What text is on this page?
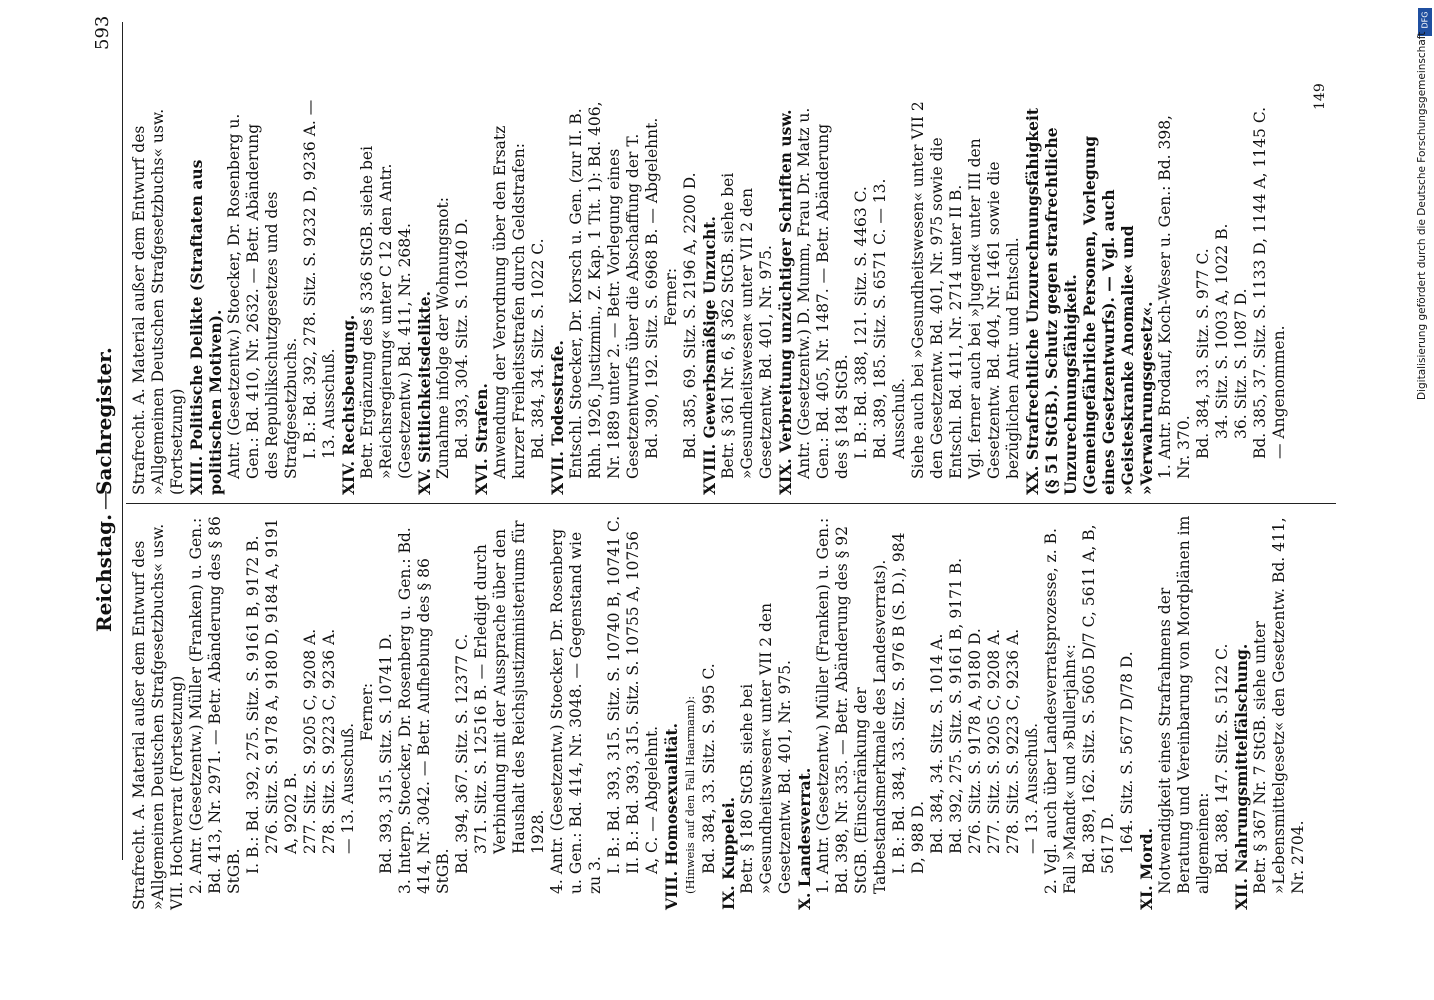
Reichstag.
—
Sachregister.
593

Strafrecht. A. Material außer dem Entwurf des »Allgemeinen Deutschen Strafgesetzbuchs« usw. VII. Hochverrat (Fortsetzung) 2. Antr. (Gesetzentw.) Müller (Franken) u. Gen.: Bd. 413, Nr. 2971. — Betr. Abänderung des § 86 StGB. I. B.: Bd. 392, 275. Sitz. S. 9161 B, 9172 B. 276. Sitz. S. 9178 A, 9180 D, 9184 A, 9191 A, 9202 B. 277. Sitz. S. 9205 C, 9208 A. 278. Sitz. S. 9223 C, 9236 A. — 13. Ausschuß.

Ferner: Bd. 393, 315. Sitz. S. 10741 D. 3. Interp. Stoecker, Dr. Rosenberg u. Gen.: Bd. 414, Nr. 3042. — Betr. Aufhebung des § 86 StGB. Bd. 394, 367. Sitz. S. 12377 C. 371. Sitz. S. 12516 B. — Erledigt durch Verbindung mit der Aussprache über den Haushalt des Reichsjustizministeriums für 1928. 4. Antr. (Gesetzentw.) Stoecker, Dr. Rosenberg u. Gen.: Bd. 414, Nr. 3048. — Gegenstand wie zu 3.

I. B.: Bd. 393, 315. Sitz. S. 10740 B, 10741 C. II. B.: Bd. 393, 315. Sitz. S. 10755 A, 10756 A, C. — Abgelehnt. VIII. Homosexualität. (Hinweis auf den Fall Haarmann): Bd. 384, 33. Sitz. S. 995 C. IX. Kuppelei. Betr. § 180 StGB. siehe bei »Gesundheitswesen« unter VII 2 den Gesetzentw. Bd. 401, Nr. 975. X. Landesverrat. 1. Antr. (Gesetzentw.) Müller (Franken) u. Gen.: Bd. 398, Nr. 335. — Betr. Abänderung des § 92 StGB. (Einschränkung der Tatbestandsmerkmale des Landesverrats). I. B.: Bd. 384, 33. Sitz. S. 976 B (S. D.), 984 D, 988 D. Bd. 384, 34. Sitz. S. 1014 A. Bd. 392, 275. Sitz. S. 9161 B, 9171 B. 276. Sitz. S. 9178 A, 9180 D. 277. Sitz. S. 9205 C, 9208 A. 278. Sitz. S. 9223 C, 9236 A. — 13. Ausschuß. 2. Vgl. auch über Landesverratsprozesse, z. B. Fall »Mandt« und »Bullerjahn«: Bd. 389, 162. Sitz. S. 5605 D/7 C, 5611 A, B, 5617 D. 164. Sitz. S. 5677 D/78 D.

XI. Mord. Notwendigkeit eines Strafrahmens der Beratung und Vereinbarung von Mordplänen im allgemeinen: Bd. 388, 147. Sitz. S. 5122 C. XII. Nahrungsmittelfälschung. Betr. § 367 Nr. 7 StGB. siehe unter »Lebensmittelgesetz« den Gesetzentw. Bd. 411, Nr. 2704.

Strafrecht. A. Material außer dem Entwurf des »Allgemeinen Deutschen Strafgesetzbuchs« usw. (Fortsetzung) XIII. Politische Delikte (Straftaten aus politischen Motiven). Antr. (Gesetzentw.) Stoecker, Dr. Rosenberg u. Gen.: Bd. 410, Nr. 2632. — Betr. Abänderung des Republikschutzgesetzes und des Strafgesetzbuchs. I. B.: Bd. 392, 278. Sitz. S. 9232 D, 9236 A. — 13. Ausschuß. XIV. Rechtsbeugung. Betr. Ergänzung des § 336 StGB. siehe bei »Reichsregierung« unter C 12 den Antr. (Gesetzentw.) Bd. 411, Nr. 2684. XV. Sittlichkeitsdelikte. Zunahme infolge der Wohnungsnot: Bd. 393, 304. Sitz. S. 10340 D. XVI. Strafen. Anwendung der Verordnung über den Ersatz kurzer Freiheitsstrafen durch Geldstrafen: Bd. 384, 34. Sitz. S. 1022 C. XVII. Todesstrafe. Entschl. Stoecker, Dr. Korsch u. Gen. (zur II. B. Rhh. 1926, Justizmin., Z. Kap. 1 Tit. 1): Bd. 406, Nr. 1889 unter 2. — Betr. Vorlegung eines Gesetzentwurfs über die Abschaffung der T. Bd. 390, 192. Sitz. S. 6968 B. — Abgelehnt. Ferner: Bd. 385, 69. Sitz. S. 2196 A, 2200 D. XVIII. Gewerbsmäßige Unzucht. Betr. § 361 Nr. 6, § 362 StGB. siehe bei »Gesundheitswesen« unter VII 2 den Gesetzentw. Bd. 401, Nr. 975. XIX. Verbreitung unzüchtiger Schriften usw. Antr. (Gesetzentw.) D. Mumm, Frau Dr. Matz u. Gen.: Bd. 405, Nr. 1487. — Betr. Abänderung des § 184 StGB. I. B.: Bd. 388, 121. Sitz. S. 4463 C. Bd. 389, 185. Sitz. S. 6571 C. — 13. Ausschuß. Siehe auch bei »Gesundheitswesen« unter VII 2 den Gesetzentw. Bd. 401, Nr. 975 sowie die Entschl. Bd. 411, Nr. 2714 unter II B. Vgl. ferner auch bei »Jugend« unter III den Gesetzentw. Bd. 404, Nr. 1461 sowie die bezüglichen Antr. und Entschl. XX. Strafrechtliche Unzurechnungsfähigkeit (§ 51 StGB.). Schutz gegen strafrechtliche Unzurechnungsfähigkeit. (Gemeingefährliche Personen, Vorlegung eines Gesetzentwurfs). — Vgl. auch »Geisteskranke Anomalie« und »Verwahrungsgesetz«. 1. Antr. Brodauf, Koch-Weser u. Gen.: Bd. 398, Nr. 370. Bd. 384, 33. Sitz. S. 977 C. 34. Sitz. S. 1003 A, 1022 B. 36. Sitz. S. 1087 D. Bd. 385, 37. Sitz. S. 1133 D, 1144 A, 1145 C. — Angenommen.

149
DFG
Digitalisierung gefördert durch die Deutsche Forschungsgemeinschaft
